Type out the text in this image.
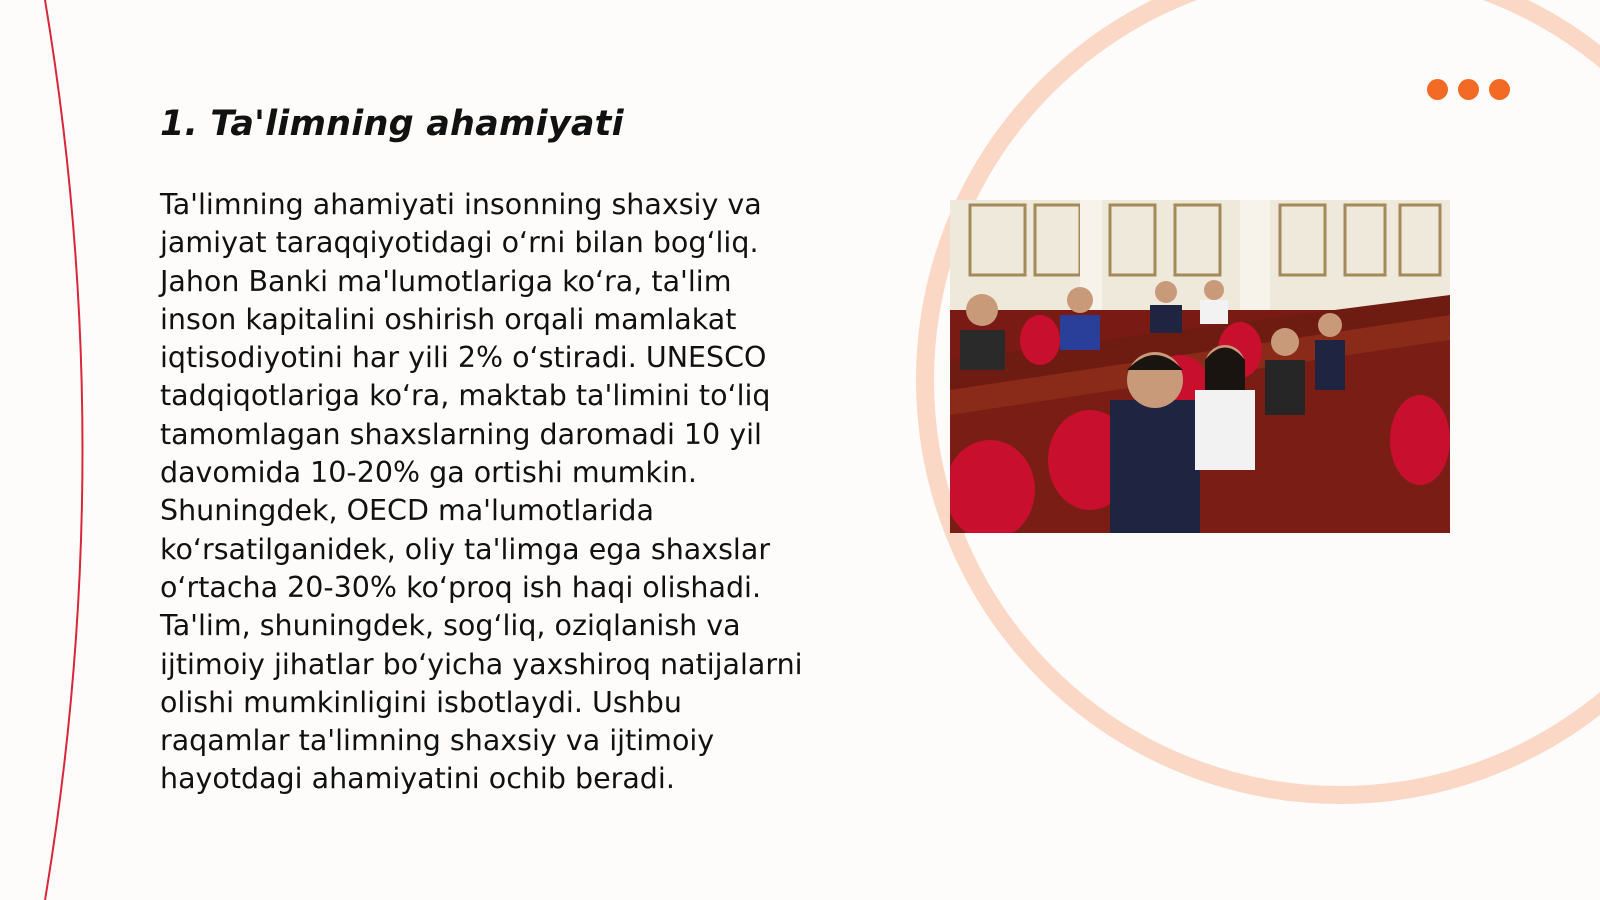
1. Ta'limning ahamiyati

Ta'limning ahamiyati insonning shaxsiy va
jamiyat taraqqiyotidagi oʻrni bilan bogʻliq.
Jahon Banki ma'lumotlariga koʻra, ta'lim
inson kapitalini oshirish orqali mamlakat
iqtisodiyotini har yili 2% oʻstiradi. UNESCO
tadqiqotlariga koʻra, maktab ta'limini toʻliq
tamomlagan shaxslarning daromadi 10 yil
davomida 10-20% ga ortishi mumkin.
Shuningdek, OECD ma'lumotlarida
koʻrsatilganidek, oliy ta'limga ega shaxslar
oʻrtacha 20-30% koʻproq ish haqi olishadi.
Ta'lim, shuningdek, sogʻliq, oziqlanish va
ijtimoiy jihatlar boʻyicha yaxshiroq natijalarni
olishi mumkinligini isbotlaydi. Ushbu
raqamlar ta'limning shaxsiy va ijtimoiy
hayotdagi ahamiyatini ochib beradi.
